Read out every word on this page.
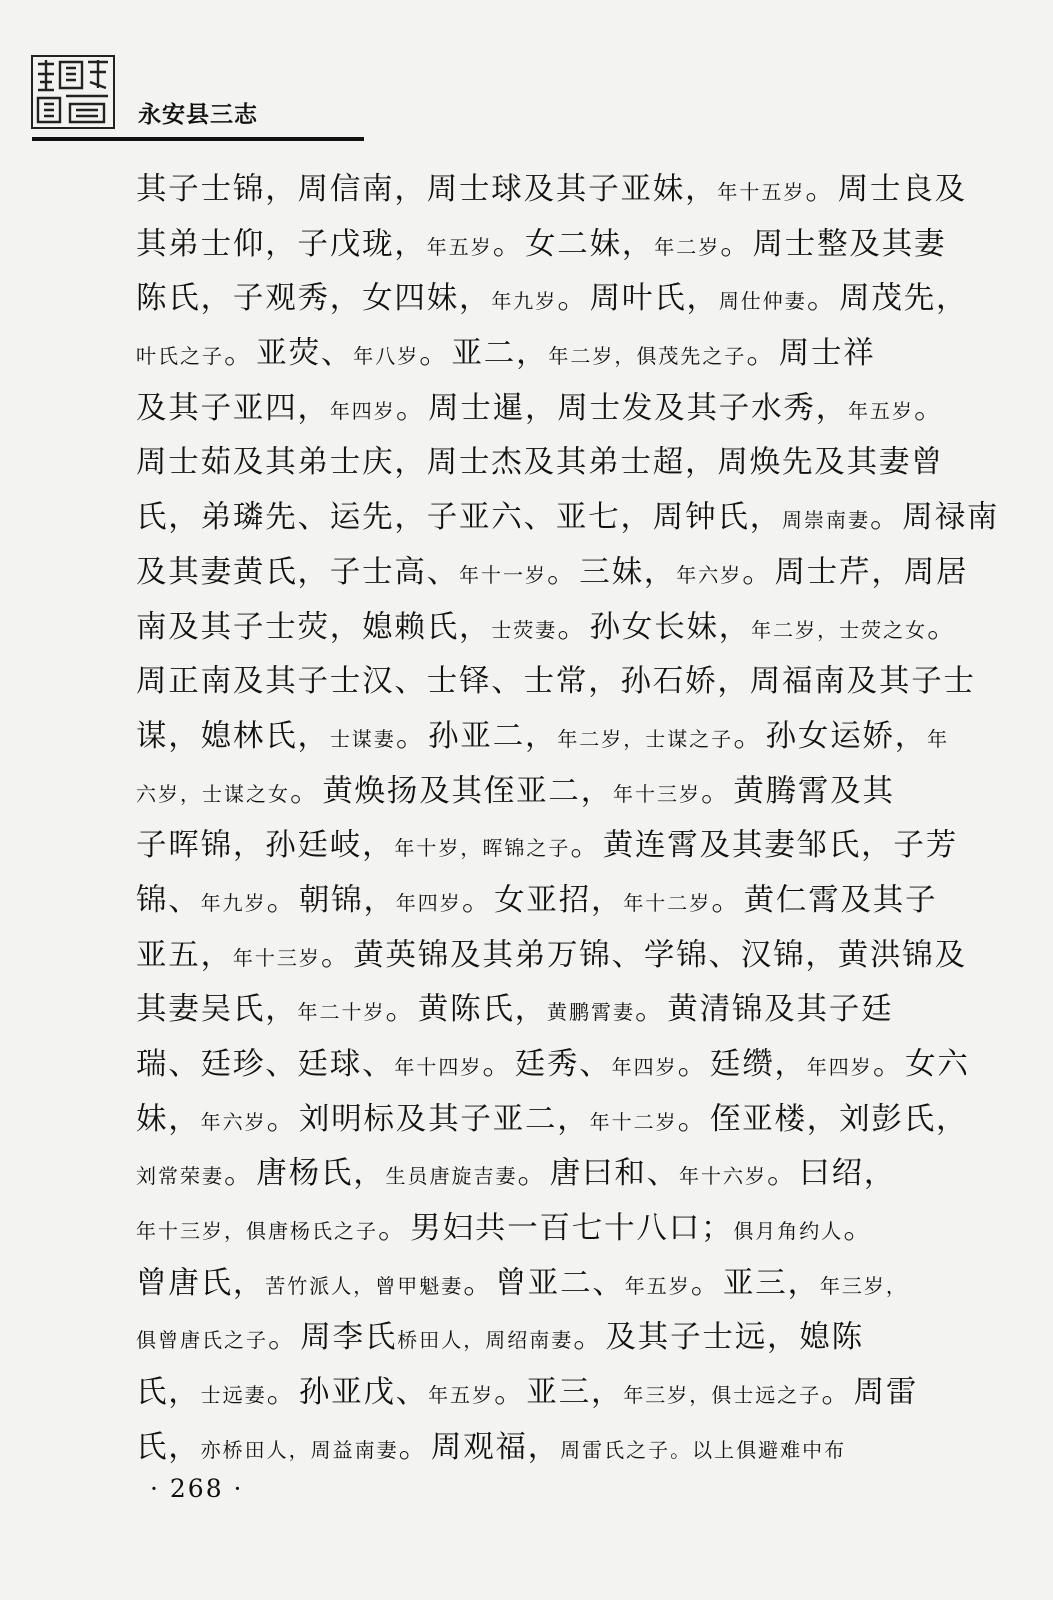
永安县三志
其子士锦，周信南，周士球及其子亚妹，年十五岁。周士良及
其弟士仰，子戊珑，年五岁。女二妹，年二岁。周士整及其妻
陈氏，子观秀，女四妹，年九岁。周叶氏，周仕仲妻。周茂先，
叶氏之子。亚荧、年八岁。亚二，年二岁，俱茂先之子。周士祥
及其子亚四，年四岁。周士暹，周士发及其子水秀，年五岁。
周士茹及其弟士庆，周士杰及其弟士超，周焕先及其妻曾
氏，弟璘先、运先，子亚六、亚七，周钟氏，周崇南妻。周禄南
及其妻黄氏，子士高、年十一岁。三妹，年六岁。周士芹，周居
南及其子士荧，媳赖氏，士荧妻。孙女长妹，年二岁，士荧之女。
周正南及其子士汉、士铎、士常，孙石娇，周福南及其子士
谋，媳林氏，士谋妻。孙亚二，年二岁，士谋之子。孙女运娇，年
六岁，士谋之女。黄焕扬及其侄亚二，年十三岁。黄腾霄及其
子晖锦，孙廷岐，年十岁，晖锦之子。黄连霄及其妻邹氏，子芳
锦、年九岁。朝锦，年四岁。女亚招，年十二岁。黄仁霄及其子
亚五，年十三岁。黄英锦及其弟万锦、学锦、汉锦，黄洪锦及
其妻吴氏，年二十岁。黄陈氏，黄鹏霄妻。黄清锦及其子廷
瑞、廷珍、廷球、年十四岁。廷秀、年四岁。廷缵，年四岁。女六
妹，年六岁。刘明标及其子亚二，年十二岁。侄亚楼，刘彭氏，
刘常荣妻。唐杨氏，生员唐旋吉妻。唐曰和、年十六岁。曰绍，
年十三岁，俱唐杨氏之子。男妇共一百七十八口；俱月角约人。
曾唐氏，苦竹派人，曾甲魁妻。曾亚二、年五岁。亚三，年三岁，
俱曾唐氏之子。周李氏桥田人，周绍南妻。及其子士远，媳陈
氏，士远妻。孙亚戊、年五岁。亚三，年三岁，俱士远之子。周雷
氏，亦桥田人，周益南妻。周观福，周雷氏之子。以上俱避难中布
· 268 ·
